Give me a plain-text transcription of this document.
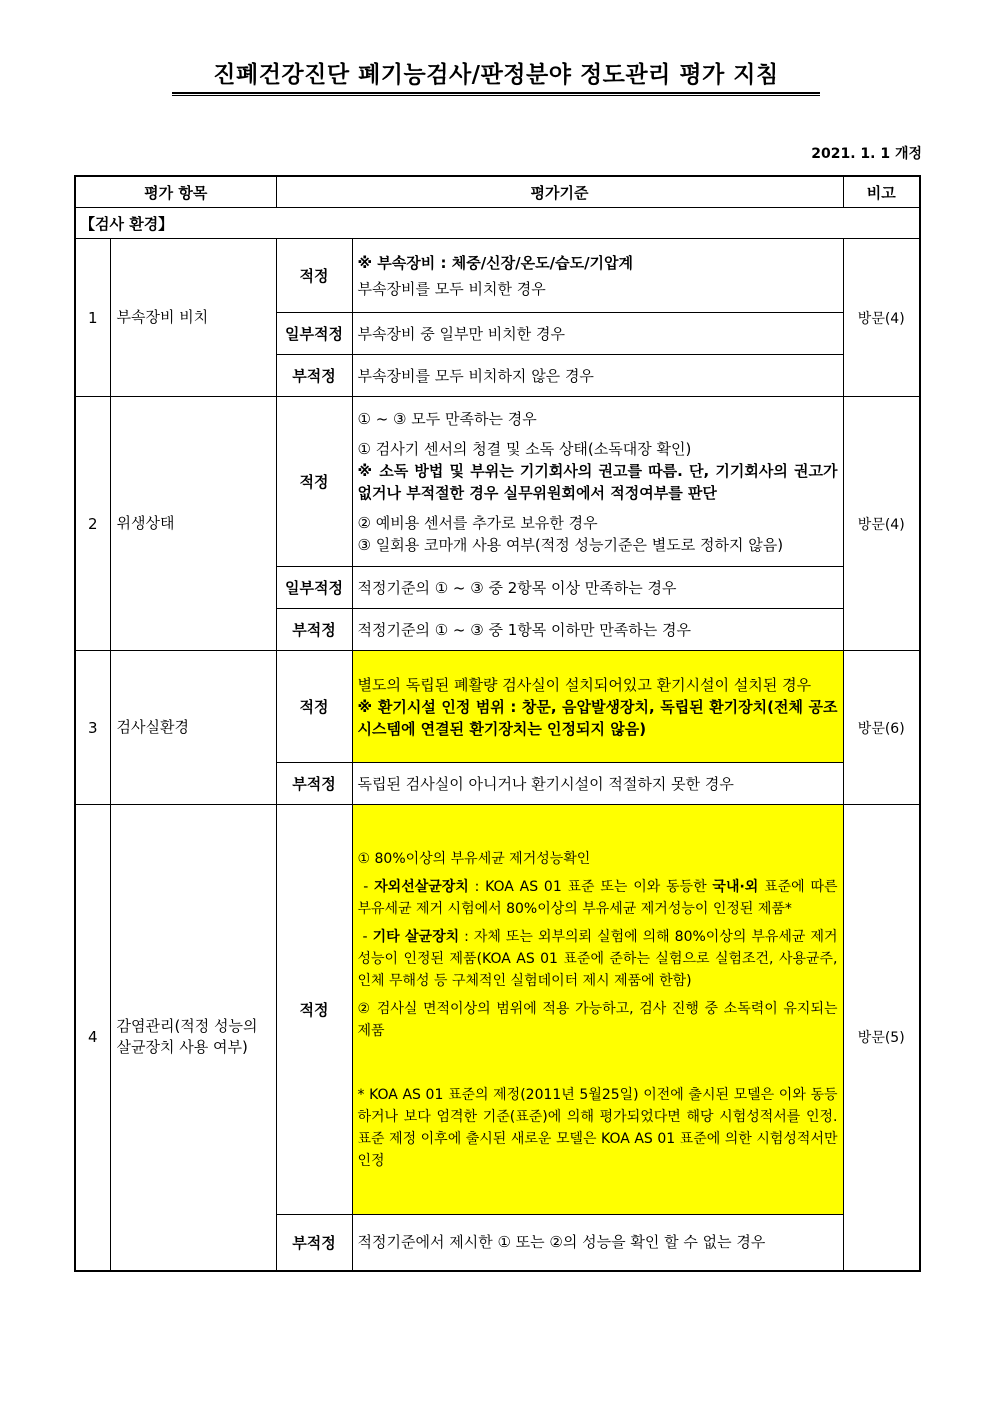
진폐건강진단 폐기능검사/판정분야 정도관리 평가 지침
2021. 1. 1 개정
평가 항목		평가기준		비고
【검사 환경】				
1	부속장비 비치	적정	※ 부속장비 : 체중/신장/온도/습도/기압계

부속장비를 모두 비치한 경우	방문(4)
		일부적정	부속장비 중 일부만 비치한 경우	
		부적정	부속장비를 모두 비치하지 않은 경우	
2	위생상태	적정	① ~ ③ 모두 만족하는 경우

① 검사기 센서의 청결 및 소독 상태(소독대장 확인)

※ 소독 방법 및 부위는 기기회사의 권고를 따름. 단, 기기회사의 권고가 없거나 부적절한 경우 실무위원회에서 적정여부를 판단

② 예비용 센서를 추가로 보유한 경우

③ 일회용 코마개 사용 여부(적정 성능기준은 별도로 정하지 않음)	방문(4)
		일부적정	적정기준의 ① ~ ③ 중 2항목 이상 만족하는 경우	
		부적정	적정기준의 ① ~ ③ 중 1항목 이하만 만족하는 경우	
3	검사실환경	적정	별도의 독립된 폐활량 검사실이 설치되어있고 환기시설이 설치된 경우

※ 환기시설 인정 범위 : 창문, 음압발생장치, 독립된 환기장치(전체 공조시스템에 연결된 환기장치는 인정되지 않음)	방문(6)
		부적정	독립된 검사실이 아니거나 환기시설이 적절하지 못한 경우	
4	감염관리(적정 성능의 살균장치 사용 여부)	적정	① 80%이상의 부유세균 제거성능확인

- 자외선살균장치 : KOA AS 01 표준 또는 이와 동등한 국내·외 표준에 따른 부유세균 제거 시험에서 80%이상의 부유세균 제거성능이 인정된 제품*

- 기타 살균장치 : 자체 또는 외부의뢰 실험에 의해 80%이상의 부유세균 제거성능이 인정된 제품(KOA AS 01 표준에 준하는 실험으로 실험조건, 사용균주, 인체 무해성 등 구체적인 실험데이터 제시 제품에 한함)

② 검사실 면적이상의 범위에 적용 가능하고, 검사 진행 중 소독력이 유지되는 제품

* KOA AS 01 표준의 제정(2011년 5월25일) 이전에 출시된 모델은 이와 동등하거나 보다 엄격한 기준(표준)에 의해 평가되었다면 해당 시험성적서를 인정. 표준 제정 이후에 출시된 새로운 모델은 KOA AS 01 표준에 의한 시험성적서만 인정	방문(5)
		부적정	적정기준에서 제시한 ① 또는 ②의 성능을 확인 할 수 없는 경우	
